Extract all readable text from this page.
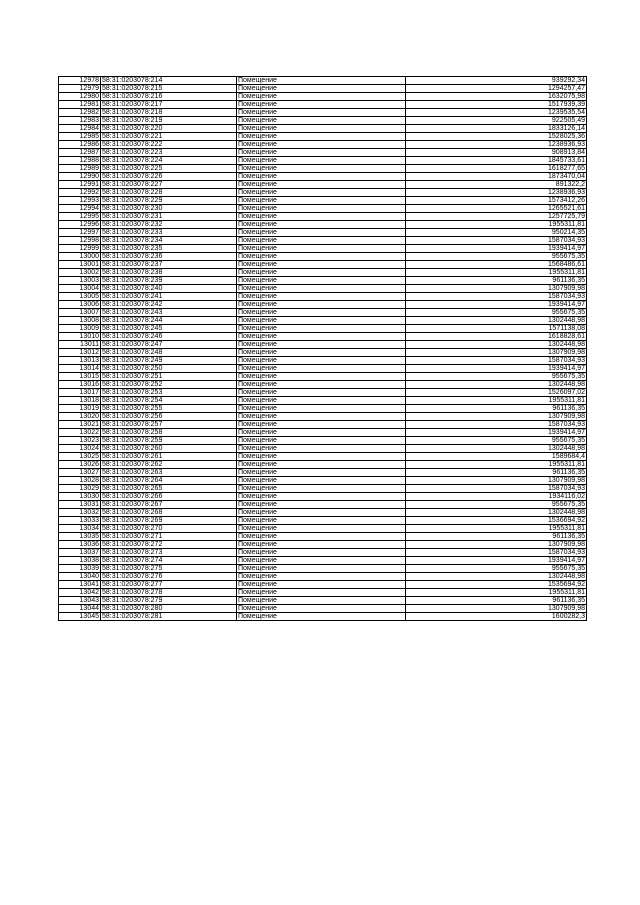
12978	58:31:0203078:214	Помещение	939292,34
12979	58:31:0203078:215	Помещение	1294257,47
12980	58:31:0203078:216	Помещение	1632075,98
12981	58:31:0203078:217	Помещение	1517939,39
12982	58:31:0203078:218	Помещение	1239535,54
12983	58:31:0203078:219	Помещение	922505,49
12984	58:31:0203078:220	Помещение	1833126,14
12985	58:31:0203078:221	Помещение	1528025,36
12986	58:31:0203078:222	Помещение	1238936,93
12987	58:31:0203078:223	Помещение	908913,84
12988	58:31:0203078:224	Помещение	1845733,61
12989	58:31:0203078:225	Помещение	1618277,65
12990	58:31:0203078:226	Помещение	1873470,04
12991	58:31:0203078:227	Помещение	891322,2
12992	58:31:0203078:228	Помещение	1238936,93
12993	58:31:0203078:229	Помещение	1573412,26
12994	58:31:0203078:230	Помещение	1265521,61
12995	58:31:0203078:231	Помещение	1257725,79
12996	58:31:0203078:232	Помещение	1955311,81
12997	58:31:0203078:233	Помещение	950214,35
12998	58:31:0203078:234	Помещение	1587034,93
12999	58:31:0203078:235	Помещение	1939414,97
13000	58:31:0203078:236	Помещение	955675,35
13001	58:31:0203078:237	Помещение	1568486,61
13002	58:31:0203078:238	Помещение	1955311,81
13003	58:31:0203078:239	Помещение	961136,35
13004	58:31:0203078:240	Помещение	1307909,98
13005	58:31:0203078:241	Помещение	1587034,93
13006	58:31:0203078:242	Помещение	1939414,97
13007	58:31:0203078:243	Помещение	955675,35
13008	58:31:0203078:244	Помещение	1302448,98
13009	58:31:0203078:245	Помещение	1571138,08
13010	58:31:0203078:246	Помещение	1618828,61
13011	58:31:0203078:247	Помещение	1302448,98
13012	58:31:0203078:248	Помещение	1307909,98
13013	58:31:0203078:249	Помещение	1587034,93
13014	58:31:0203078:250	Помещение	1939414,97
13015	58:31:0203078:251	Помещение	955675,35
13016	58:31:0203078:252	Помещение	1302448,98
13017	58:31:0203078:253	Помещение	1526097,02
13018	58:31:0203078:254	Помещение	1955311,81
13019	58:31:0203078:255	Помещение	961136,35
13020	58:31:0203078:256	Помещение	1307909,98
13021	58:31:0203078:257	Помещение	1587034,93
13022	58:31:0203078:258	Помещение	1939414,97
13023	58:31:0203078:259	Помещение	955675,35
13024	58:31:0203078:260	Помещение	1302448,98
13025	58:31:0203078:261	Помещение	1589684,4
13026	58:31:0203078:262	Помещение	1955311,81
13027	58:31:0203078:263	Помещение	961136,35
13028	58:31:0203078:264	Помещение	1307909,98
13029	58:31:0203078:265	Помещение	1587034,93
13030	58:31:0203078:266	Помещение	1934116,02
13031	58:31:0203078:267	Помещение	955675,35
13032	58:31:0203078:268	Помещение	1302448,98
13033	58:31:0203078:269	Помещение	1536694,92
13034	58:31:0203078:270	Помещение	1955311,81
13035	58:31:0203078:271	Помещение	961136,35
13036	58:31:0203078:272	Помещение	1307909,98
13037	58:31:0203078:273	Помещение	1587034,93
13038	58:31:0203078:274	Помещение	1939414,97
13039	58:31:0203078:275	Помещение	955675,35
13040	58:31:0203078:276	Помещение	1302448,98
13041	58:31:0203078:277	Помещение	1535694,92
13042	58:31:0203078:278	Помещение	1955311,81
13043	58:31:0203078:279	Помещение	961136,35
13044	58:31:0203078:280	Помещение	1307909,98
13045	58:31:0203078:281	Помещение	1600282,3
